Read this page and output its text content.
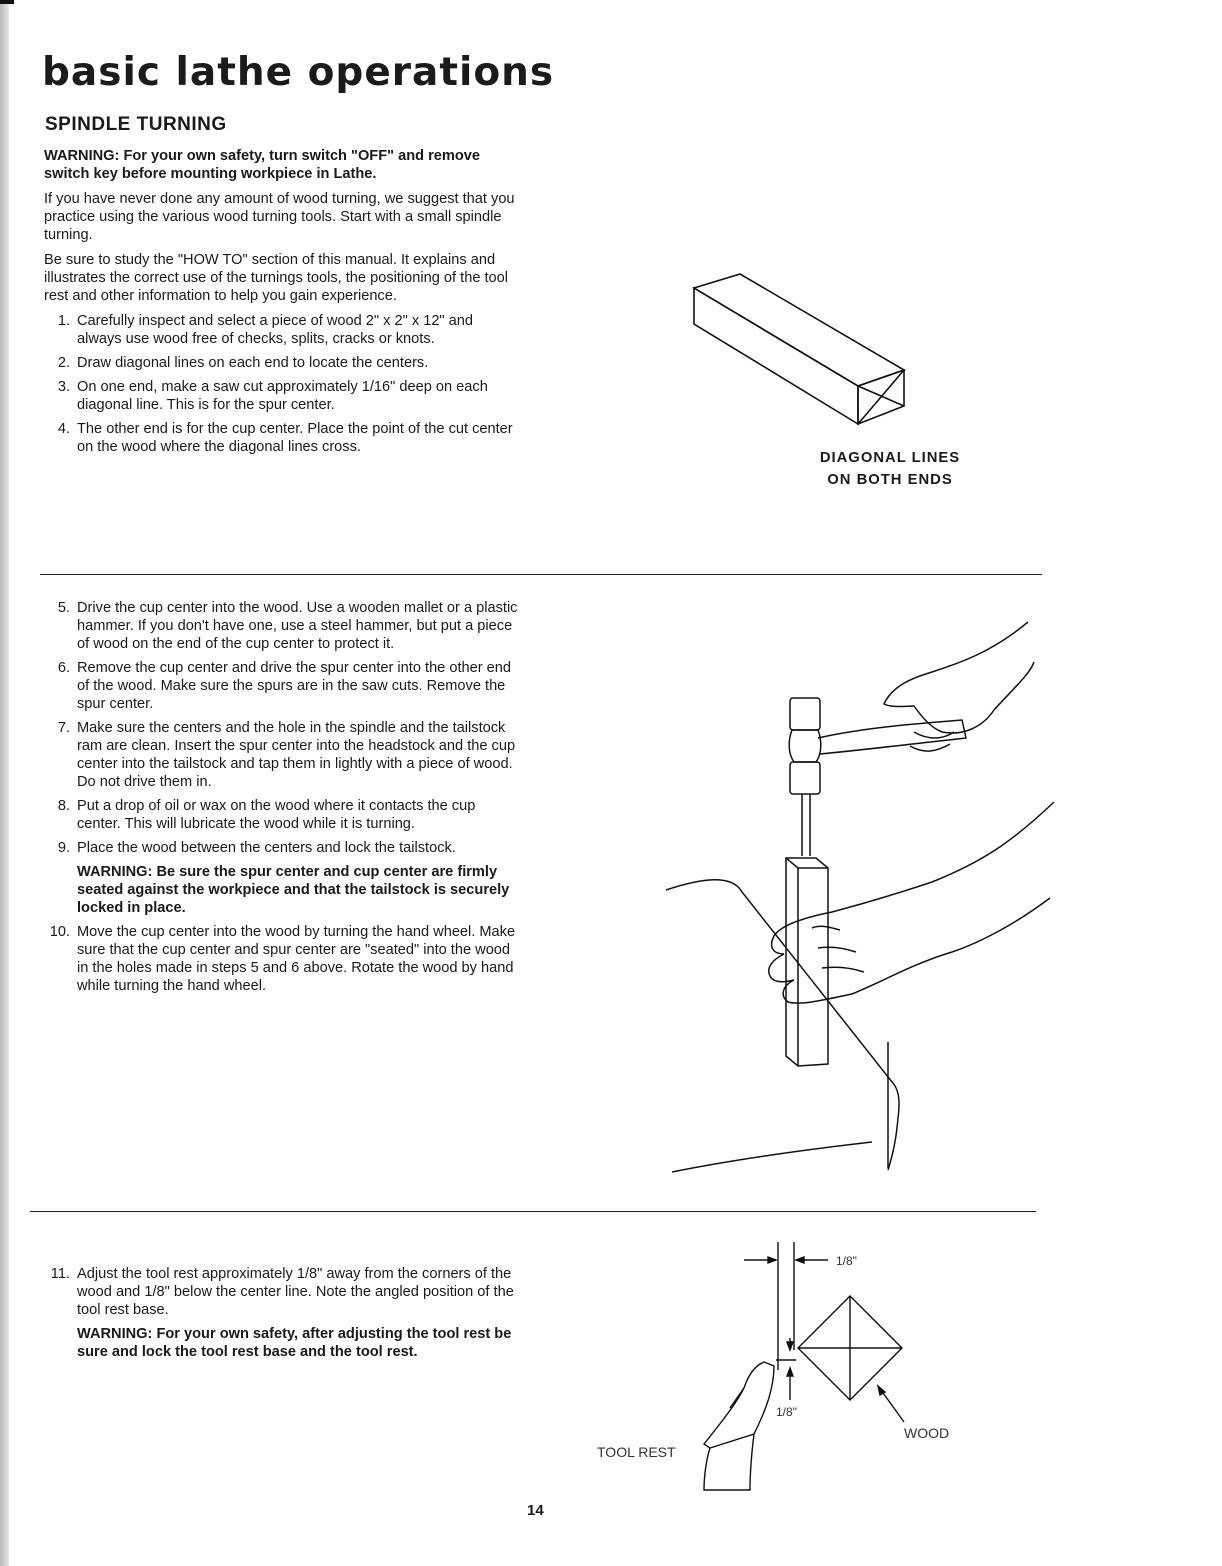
basic lathe operations
SPINDLE TURNING

WARNING: For your own safety, turn switch "OFF" and remove switch key before mounting workpiece in Lathe.

If you have never done any amount of wood turning, we suggest that you practice using the various wood turning tools. Start with a small spindle turning.

Be sure to study the "HOW TO" section of this manual. It explains and illustrates the correct use of the turnings tools, the positioning of the tool rest and other information to help you gain experience.

1. Carefully inspect and select a piece of wood 2" x 2" x 12" and always use wood free of checks, splits, cracks or knots.
2. Draw diagonal lines on each end to locate the centers.
3. On one end, make a saw cut approximately 1/16" deep on each diagonal line. This is for the spur center.
4. The other end is for the cup center. Place the point of the cut center on the wood where the diagonal lines cross.
DIAGONAL LINES
ON BOTH ENDS
5. Drive the cup center into the wood. Use a wooden mallet or a plastic hammer. If you don't have one, use a steel hammer, but put a piece of wood on the end of the cup center to protect it.
6. Remove the cup center and drive the spur center into the other end of the wood. Make sure the spurs are in the saw cuts. Remove the spur center.
7. Make sure the centers and the hole in the spindle and the tailstock ram are clean. Insert the spur center into the headstock and the cup center into the tailstock and tap them in lightly with a piece of wood. Do not drive them in.
8. Put a drop of oil or wax on the wood where it contacts the cup center. This will lubricate the wood while it is turning.
9. Place the wood between the centers and lock the tailstock.

WARNING: Be sure the spur center and cup center are firmly seated against the workpiece and that the tailstock is securely locked in place.

10. Move the cup center into the wood by turning the hand wheel. Make sure that the cup center and spur center are "seated" into the wood in the holes made in steps 5 and 6 above. Rotate the wood by hand while turning the hand wheel.
11. Adjust the tool rest approximately 1/8" away from the corners of the wood and 1/8" below the center line. Note the angled position of the tool rest base.

WARNING: For your own safety, after adjusting the tool rest be sure and lock the tool rest base and the tool rest.

1/8"
1/8"
WOOD
TOOL REST
14
